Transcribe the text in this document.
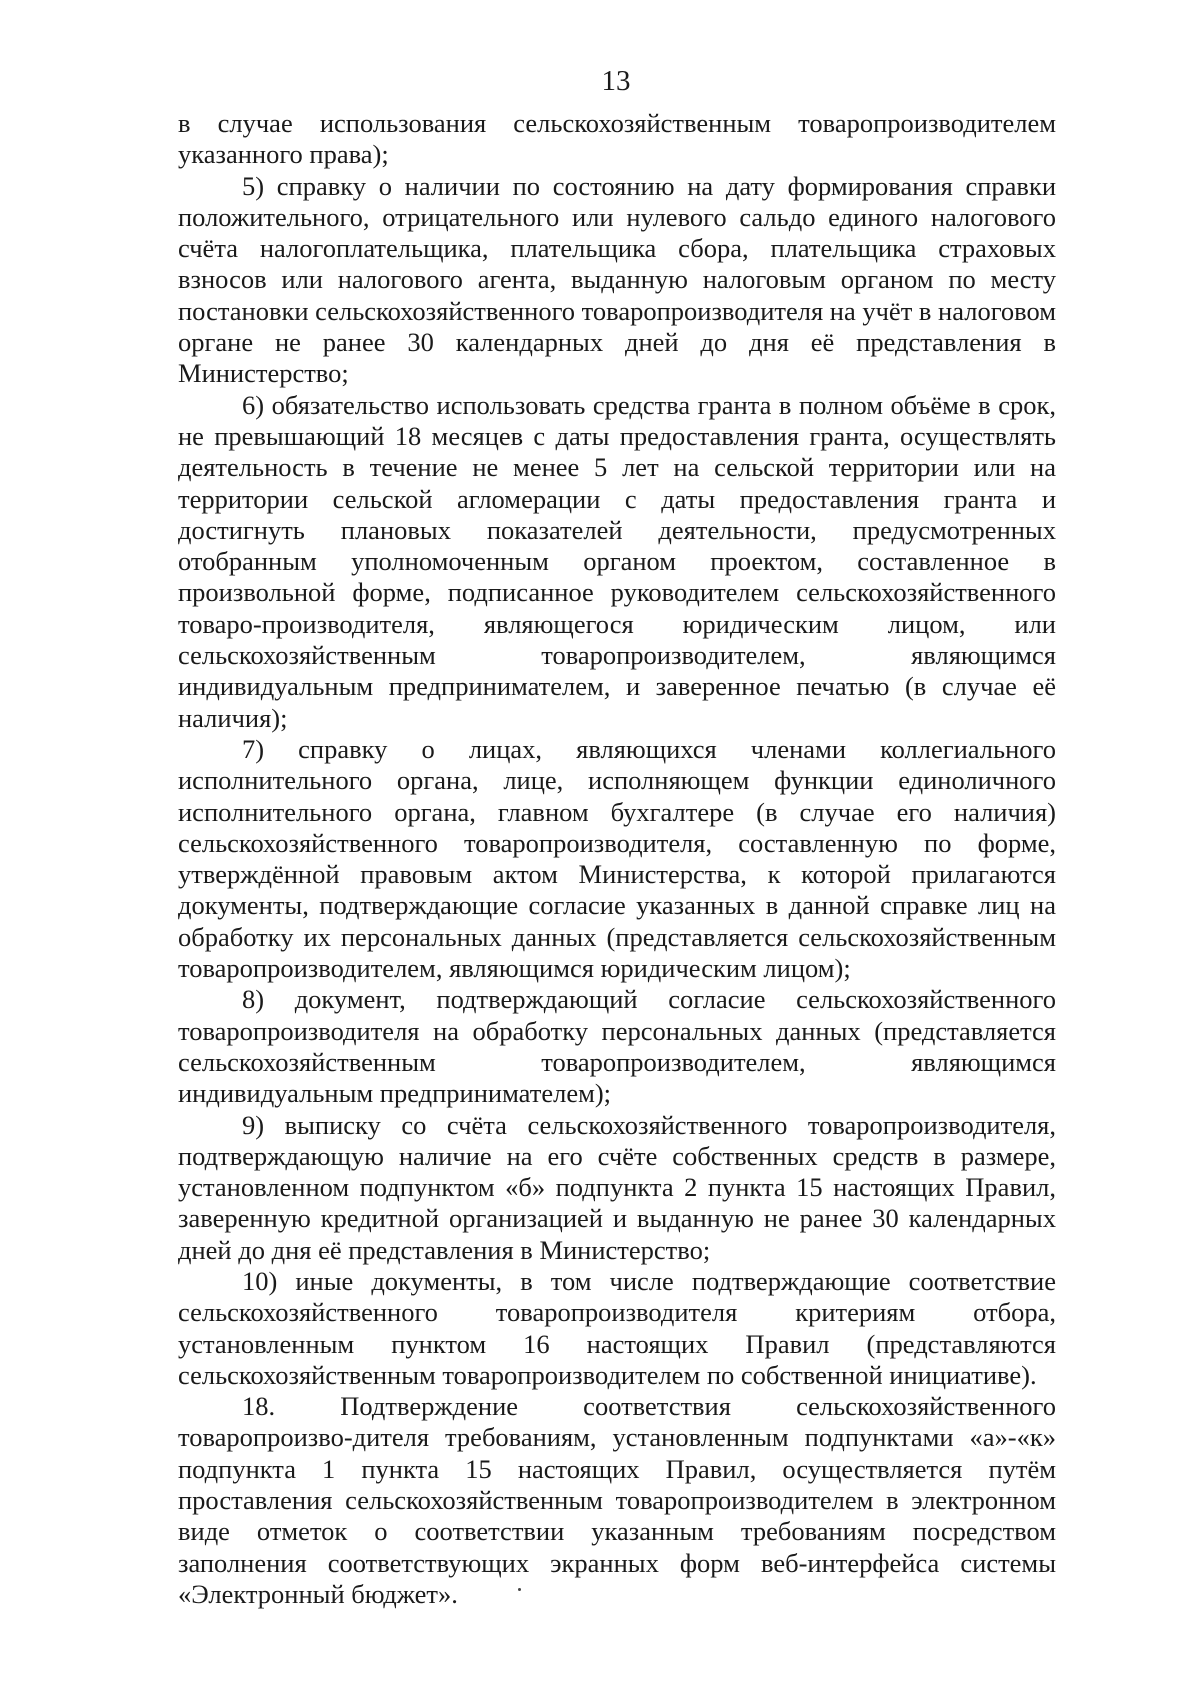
13

в случае использования сельскохозяйственным товаропроизводителем указанного права);

5) справку о наличии по состоянию на дату формирования справки положительного, отрицательного или нулевого сальдо единого налогового счёта налогоплательщика, плательщика сбора, плательщика страховых взносов или налогового агента, выданную налоговым органом по месту постановки сельскохозяйственного товаропроизводителя на учёт в налоговом органе не ранее 30 календарных дней до дня её представления в Министерство;

6) обязательство использовать средства гранта в полном объёме в срок, не превышающий 18 месяцев с даты предоставления гранта, осуществлять деятельность в течение не менее 5 лет на сельской территории или на территории сельской агломерации с даты предоставления гранта и достигнуть плановых показателей деятельности, предусмотренных отобранным уполномоченным органом проектом, составленное в произвольной форме, подписанное руководителем сельскохозяйственного товаро-производителя, являющегося юридическим лицом, или сельскохозяйственным товаропроизводителем, являющимся индивидуальным предпринимателем, и заверенное печатью (в случае её наличия);

7) справку о лицах, являющихся членами коллегиального исполнительного органа, лице, исполняющем функции единоличного исполнительного органа, главном бухгалтере (в случае его наличия) сельскохозяйственного товаропроизводителя, составленную по форме, утверждённой правовым актом Министерства, к которой прилагаются документы, подтверждающие согласие указанных в данной справке лиц на обработку их персональных данных (представляется сельскохозяйственным товаропроизводителем, являющимся юридическим лицом);

8) документ, подтверждающий согласие сельскохозяйственного товаропроизводителя на обработку персональных данных (представляется сельскохозяйственным товаропроизводителем, являющимся индивидуальным предпринимателем);

9) выписку со счёта сельскохозяйственного товаропроизводителя, подтверждающую наличие на его счёте собственных средств в размере, установленном подпунктом «б» подпункта 2 пункта 15 настоящих Правил, заверенную кредитной организацией и выданную не ранее 30 календарных дней до дня её представления в Министерство;

10) иные документы, в том числе подтверждающие соответствие сельскохозяйственного товаропроизводителя критериям отбора, установленным пунктом 16 настоящих Правил (представляются сельскохозяйственным товаропроизводителем по собственной инициативе).

18. Подтверждение соответствия сельскохозяйственного товаропроизво-дителя требованиям, установленным подпунктами «а»-«к» подпункта 1 пункта 15 настоящих Правил, осуществляется путём проставления сельскохозяйственным товаропроизводителем в электронном виде отметок о соответствии указанным требованиям посредством заполнения соответствующих экранных форм веб-интерфейса системы «Электронный бюджет».
